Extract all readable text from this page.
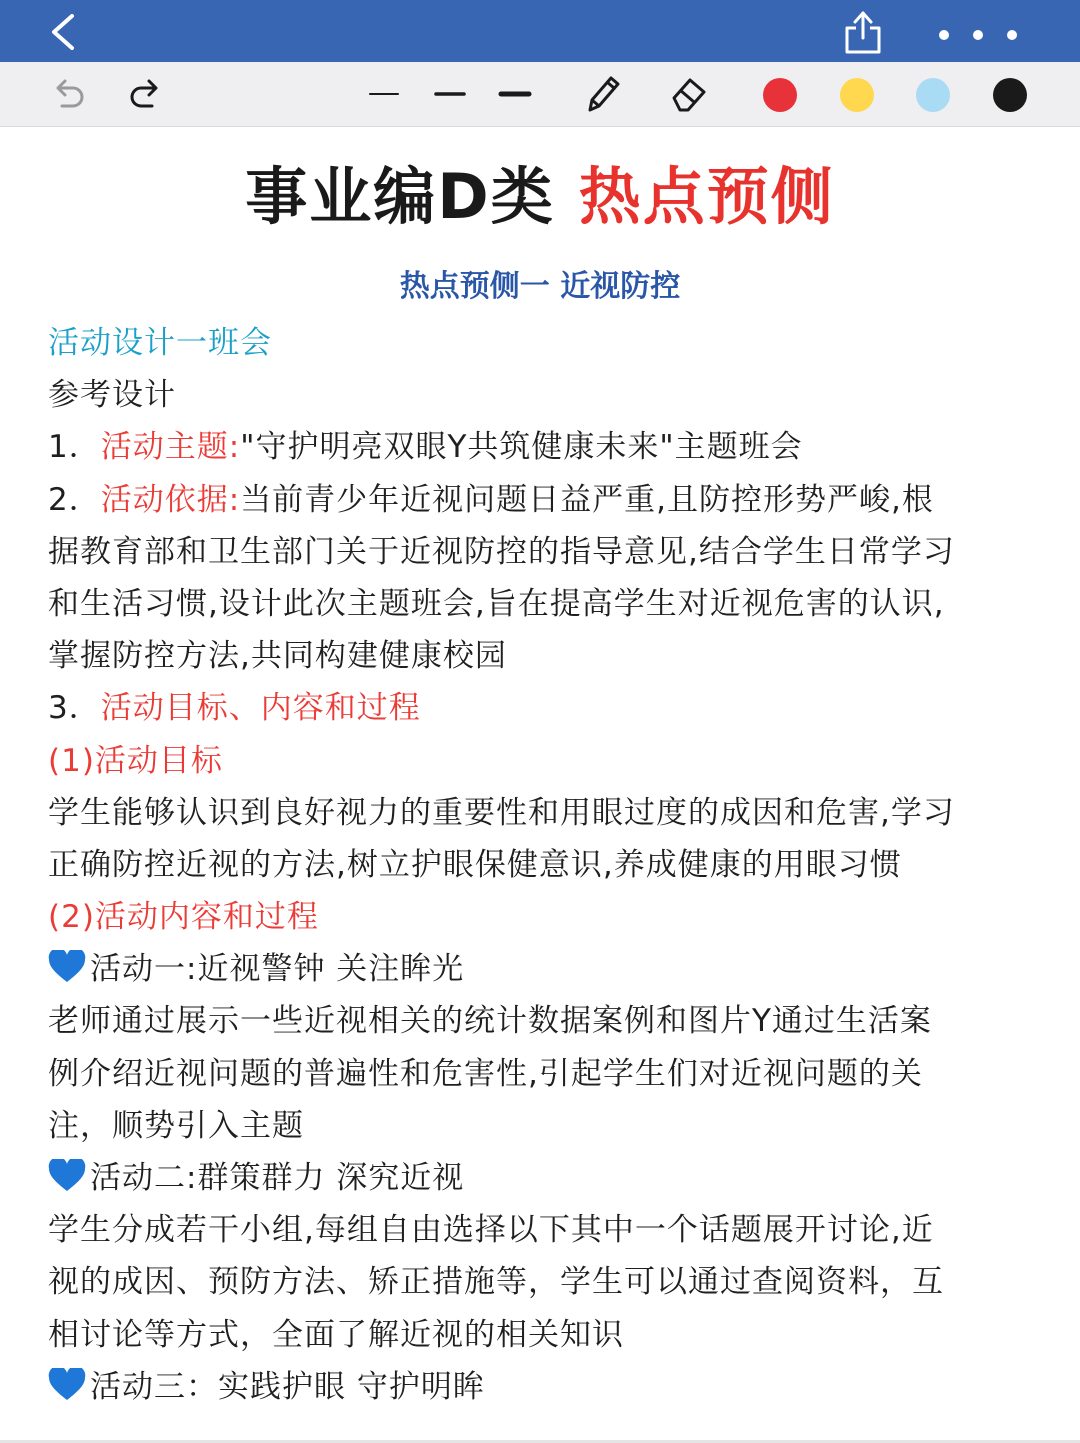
事业编D类 热点预侧
热点预侧一 近视防控
活动设计一班会
参考设计
1．活动主题:"守护明亮双眼Y共筑健康未来"主题班会
2．活动依据:当前青少年近视问题日益严重,且防控形势严峻,根
据教育部和卫生部门关于近视防控的指导意见,结合学生日常学习
和生活习惯,设计此次主题班会,旨在提高学生对近视危害的认识,
掌握防控方法,共同构建健康校园
3．活动目标、内容和过程
(1)活动目标
学生能够认识到良好视力的重要性和用眼过度的成因和危害,学习
正确防控近视的方法,树立护眼保健意识,养成健康的用眼习惯
(2)活动内容和过程
活动一:近视警钟 关注眸光
老师通过展示一些近视相关的统计数据案例和图片Y通过生活案
例介绍近视问题的普遍性和危害性,引起学生们对近视问题的关
注，顺势引入主题
活动二:群策群力 深究近视
学生分成若干小组,每组自由选择以下其中一个话题展开讨论,近
视的成因、预防方法、矫正措施等，学生可以通过查阅资料，互
相讨论等方式，全面了解近视的相关知识
活动三：实践护眼 守护明眸
